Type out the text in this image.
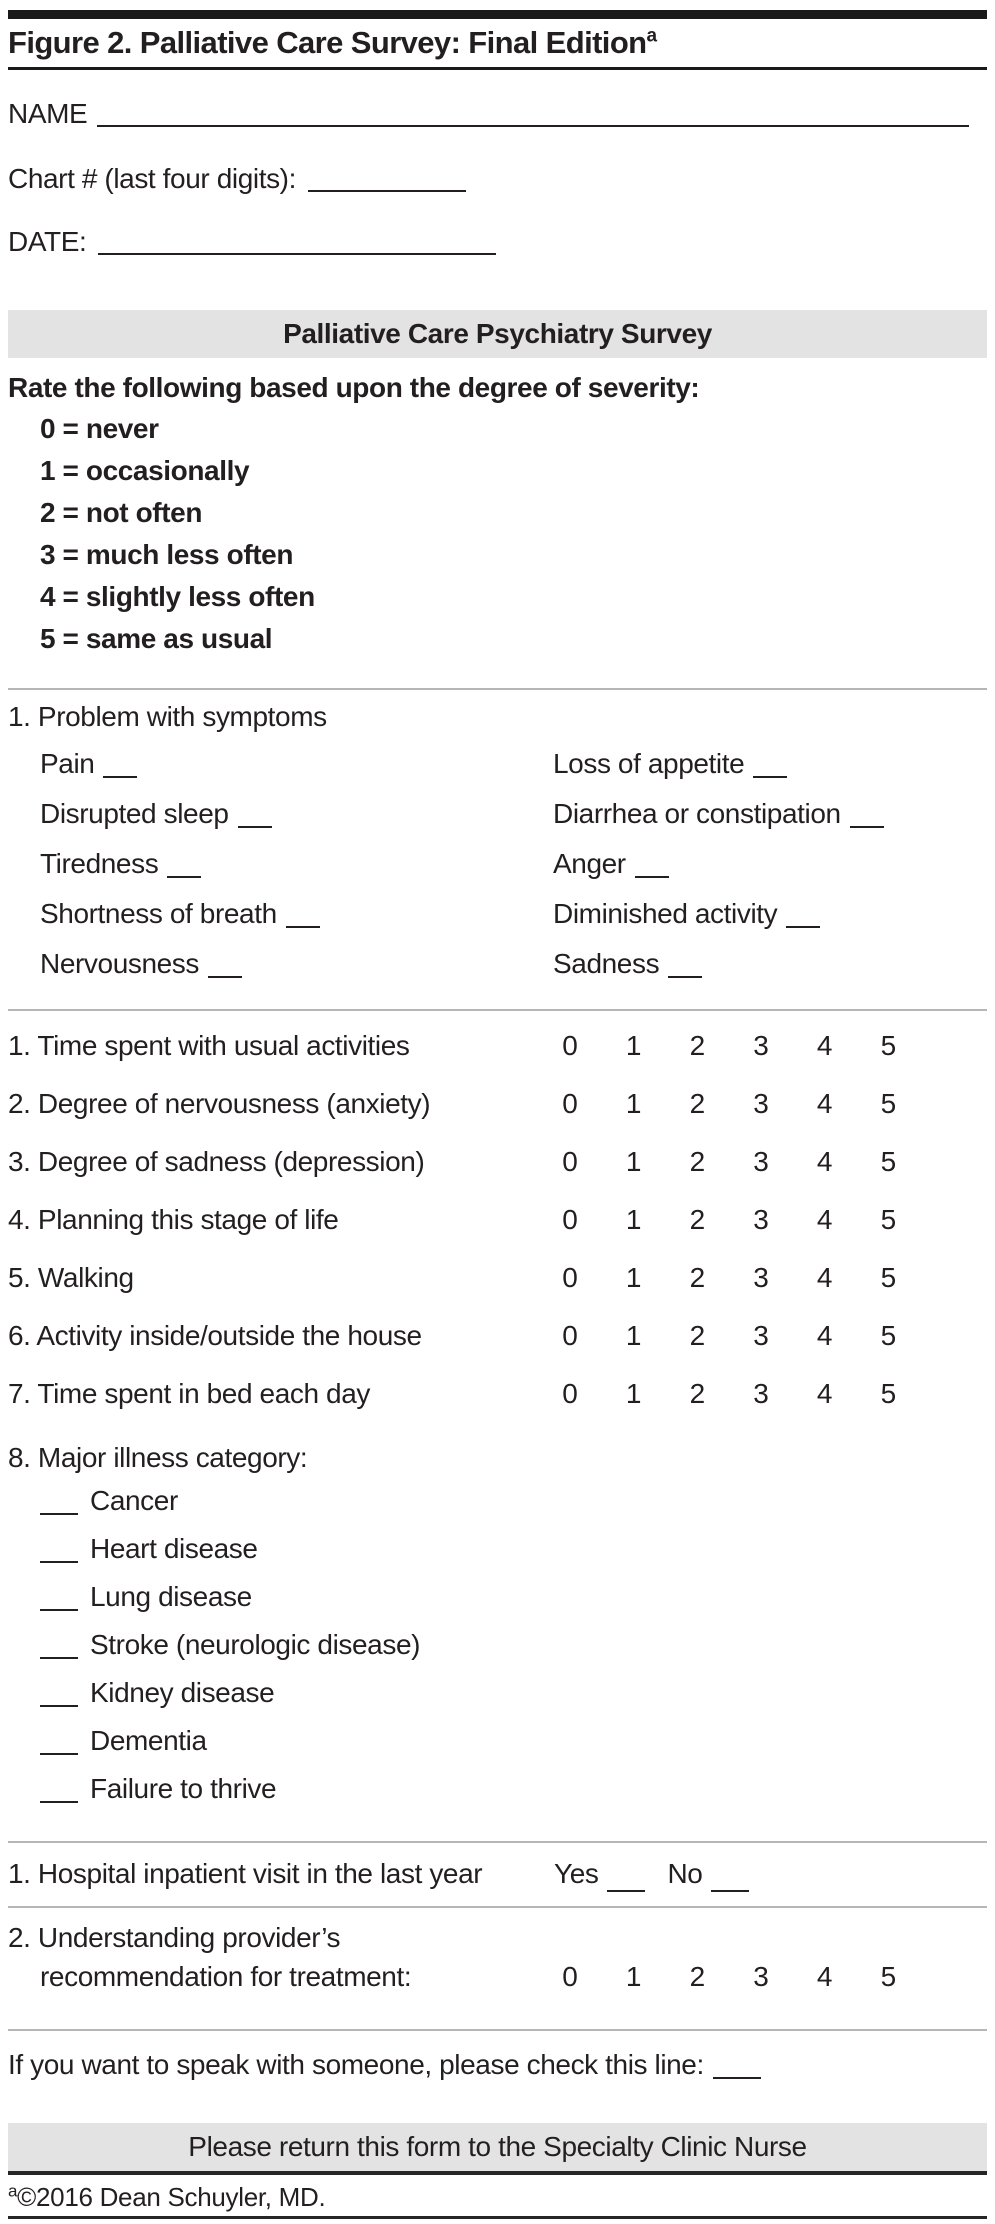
Figure 2. Palliative Care Survey: Final Edition$^a$
NAME
Chart # (last four digits):
DATE:
Palliative Care Psychiatry Survey
Rate the following based upon the degree of severity:
0 = never
1 = occasionally
2 = not often
3 = much less often
4 = slightly less often
5 = same as usual
1. Problem with symptoms
Pain	Loss of appetite
Disrupted sleep	Diarrhea or constipation
Tiredness	Anger
Shortness of breath	Diminished activity
Nervousness	Sadness
1. Time spent with usual activities	0	1	2	3	4	5
2. Degree of nervousness (anxiety)	0	1	2	3	4	5
3. Degree of sadness (depression)	0	1	2	3	4	5
4. Planning this stage of life	0	1	2	3	4	5
5. Walking	0	1	2	3	4	5
6. Activity inside/outside the house	0	1	2	3	4	5
7. Time spent in bed each day	0	1	2	3	4	5
8. Major illness category:
Cancer
Heart disease
Lung disease
Stroke (neurologic disease)
Kidney disease
Dementia
Failure to thrive
1. Hospital inpatient visit in the last year	Yes No
2. Understanding provider’s
recommendation for treatment:	0	1	2	3	4	5
If you want to speak with someone, please check this line:
Please return this form to the Specialty Clinic Nurse
$^a$©2016 Dean Schuyler, MD.
